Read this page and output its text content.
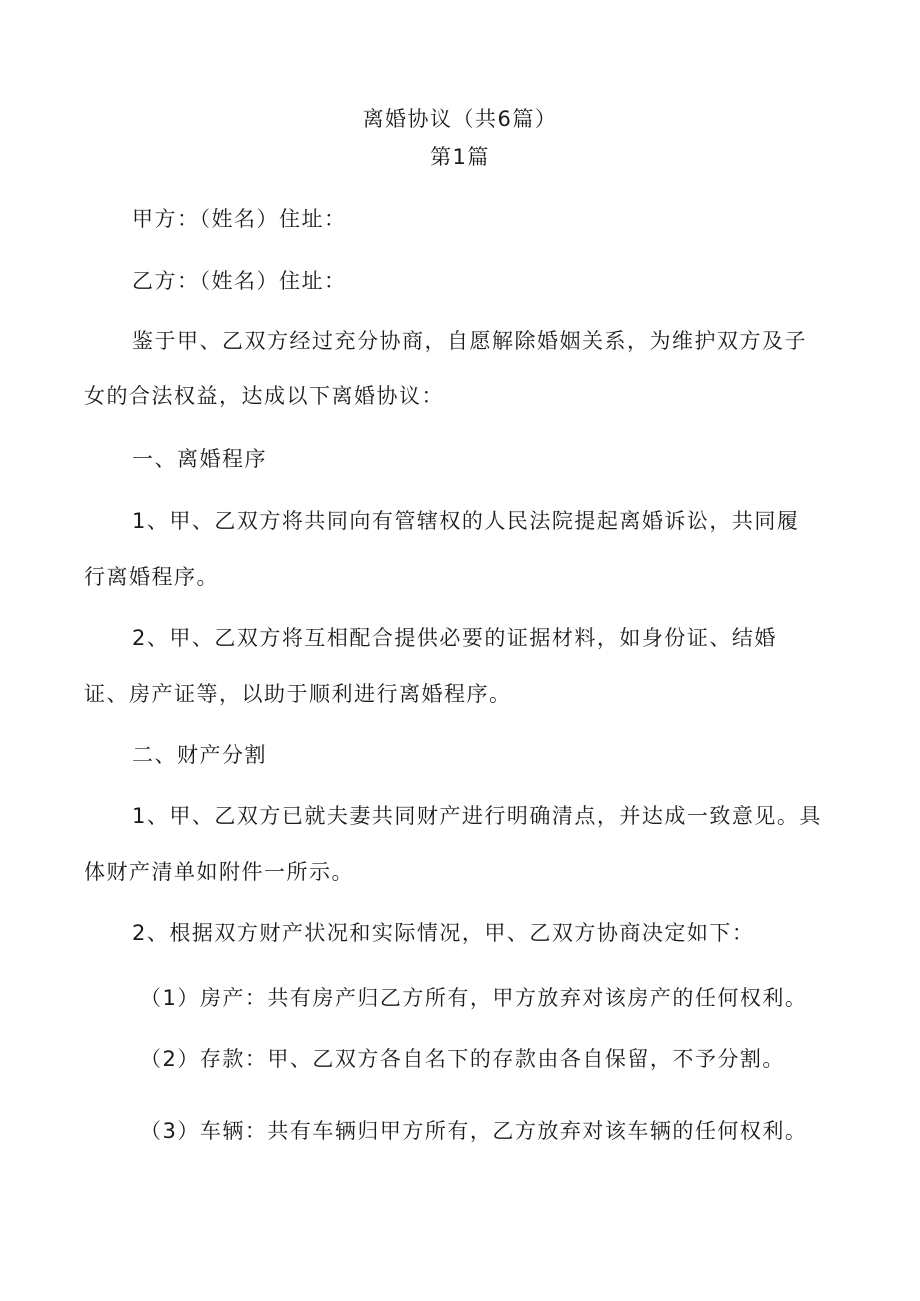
离婚协议（共6篇）
第1篇
甲方：（姓名）住址：
乙方：（姓名）住址：
鉴于甲、乙双方经过充分协商，自愿解除婚姻关系，为维护双方及子
女的合法权益，达成以下离婚协议：
一、离婚程序
1、甲、乙双方将共同向有管辖权的人民法院提起离婚诉讼，共同履
行离婚程序。
2、甲、乙双方将互相配合提供必要的证据材料，如身份证、结婚
证、房产证等，以助于顺利进行离婚程序。
二、财产分割
1、甲、乙双方已就夫妻共同财产进行明确清点，并达成一致意见。具
体财产清单如附件一所示。
2、根据双方财产状况和实际情况，甲、乙双方协商决定如下：
（1）房产：共有房产归乙方所有，甲方放弃对该房产的任何权利。
（2）存款：甲、乙双方各自名下的存款由各自保留，不予分割。
（3）车辆：共有车辆归甲方所有，乙方放弃对该车辆的任何权利。
